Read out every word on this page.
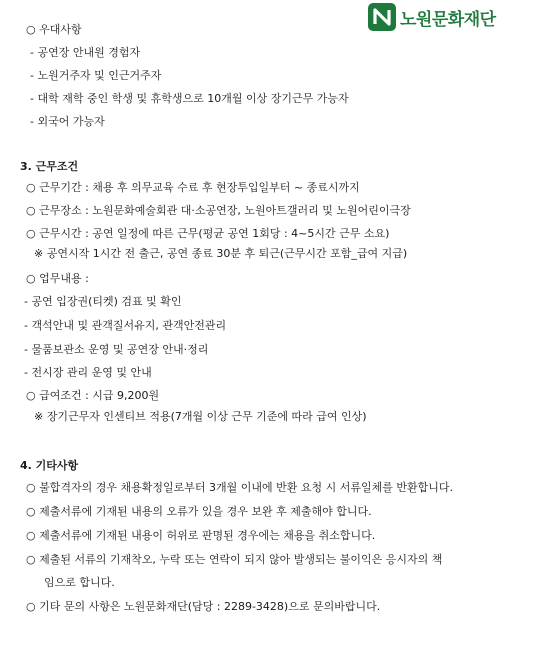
노원문화재단
○ 우대사항
- 공연장 안내원 경험자
- 노원거주자 및 인근거주자
- 대학 재학 중인 학생 및 휴학생으로 10개월 이상 장기근무 가능자
- 외국어 가능자
3. 근무조건
○ 근무기간 : 채용 후 의무교육 수료 후 현장투입일부터 ~ 종료시까지
○ 근무장소 : 노원문화예술회관 대·소공연장, 노원아트갤러리 및 노원어린이극장
○ 근무시간 : 공연 일정에 따른 근무(평균 공연 1회당 : 4~5시간 근무 소요)
※ 공연시작 1시간 전 출근, 공연 종료 30분 후 퇴근(근무시간 포함_급여 지급)
○ 업무내용 :
- 공연 입장권(티켓) 검표 및 확인
- 객석안내 및 관객질서유지, 관객안전관리
- 물품보관소 운영 및 공연장 안내·정리
- 전시장 관리 운영 및 안내
○ 급여조건 : 시급 9,200원
※ 장기근무자 인센티브 적용(7개월 이상 근무 기준에 따라 급여 인상)
4. 기타사항
○ 불합격자의 경우 채용확정일로부터 3개월 이내에 반환 요청 시 서류일체를 반환합니다.
○ 제출서류에 기재된 내용의 오류가 있을 경우 보완 후 제출해야 합니다.
○ 제출서류에 기재된 내용이 허위로 판명된 경우에는 채용을 취소합니다.
○ 제출된 서류의 기재착오, 누락 또는 연락이 되지 않아 발생되는 불이익은 응시자의 책
임으로 합니다.
○ 기타 문의 사항은 노원문화재단(담당 : 2289-3428)으로 문의바랍니다.
